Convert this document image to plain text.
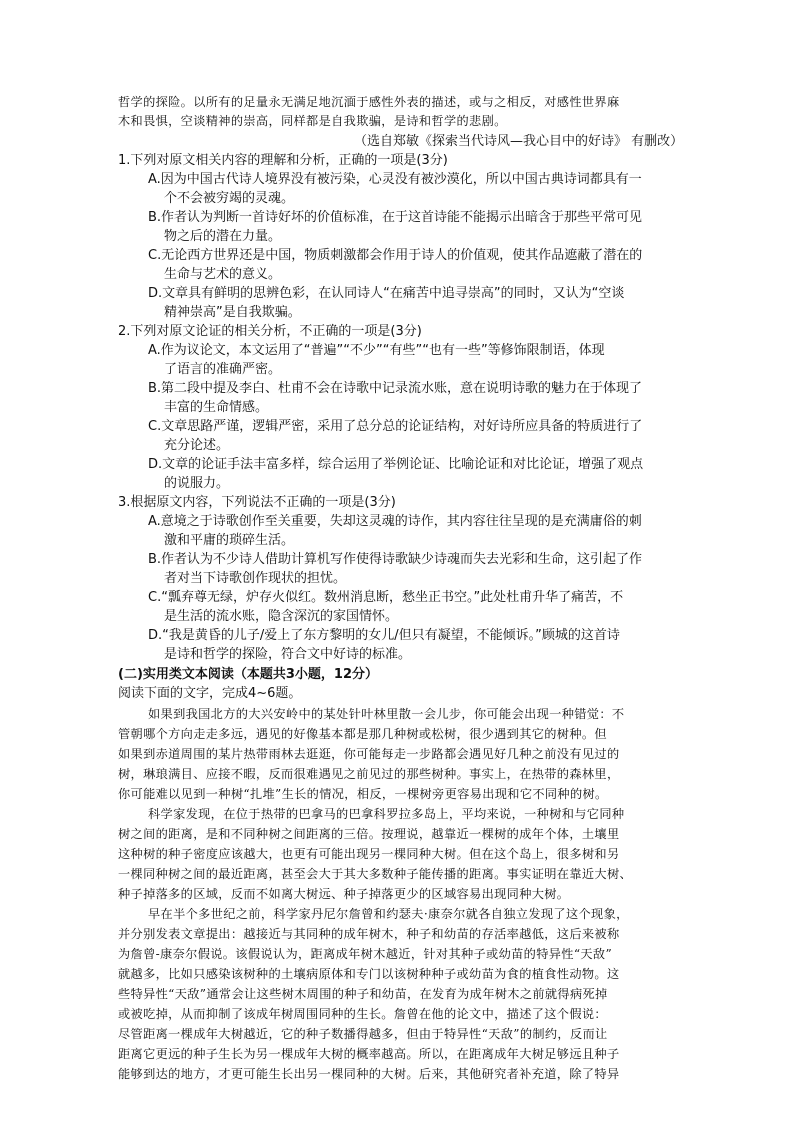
哲学的探险。以所有的足量永无满足地沉湎于感性外表的描述，或与之相反，对感性世界麻
木和畏惧，空谈精神的崇高，同样都是自我欺骗，是诗和哲学的悲剧。
（选自郑敏《探索当代诗风—我心目中的好诗》 有删改）
1.下列对原文相关内容的理解和分析，正确的一项是(3分)
A.因为中国古代诗人境界没有被污染，心灵没有被沙漠化，所以中国古典诗词都具有一
个不会被穷竭的灵魂。
B.作者认为判断一首诗好坏的价值标准，在于这首诗能不能揭示出暗含于那些平常可见
物之后的潜在力量。
C.无论西方世界还是中国，物质刺激都会作用于诗人的价值观，使其作品遮蔽了潜在的
生命与艺术的意义。
D.文章具有鲜明的思辨色彩，在认同诗人“在痛苦中追寻崇高”的同时，又认为“空谈
精神崇高”是自我欺骗。
2.下列对原文论证的相关分析，不正确的一项是(3分)
A.作为议论文，本文运用了“普遍”“不少”“有些”“也有一些”等修饰限制语，体现
了语言的准确严密。
B.第二段中提及李白、杜甫不会在诗歌中记录流水账，意在说明诗歌的魅力在于体现了
丰富的生命情感。
C.文章思路严谨，逻辑严密，采用了总分总的论证结构，对好诗所应具备的特质进行了
充分论述。
D.文章的论证手法丰富多样，综合运用了举例论证、比喻论证和对比论证，增强了观点
的说服力。
3.根据原文内容，下列说法不正确的一项是(3分)
A.意境之于诗歌创作至关重要，失却这灵魂的诗作，其内容往往呈现的是充满庸俗的刺
激和平庸的琐碎生活。
B.作者认为不少诗人借助计算机写作使得诗歌缺少诗魂而失去光彩和生命，这引起了作
者对当下诗歌创作现状的担忧。
C.“瓢弃尊无绿，炉存火似红。数州消息断，愁坐正书空。”此处杜甫升华了痛苦，不
是生活的流水账，隐含深沉的家国情怀。
D.“我是黄昏的儿子/爱上了东方黎明的女儿/但只有凝望，不能倾诉。”顾城的这首诗
是诗和哲学的探险，符合文中好诗的标准。
(二)实用类文本阅读（本题共3小题，12分）
阅读下面的文字，完成4~6题。
如果到我国北方的大兴安岭中的某处针叶林里散一会儿步，你可能会出现一种错觉：不
管朝哪个方向走走多远，遇见的好像基本都是那几种树或松树，很少遇到其它的树种。但
如果到赤道周围的某片热带雨林去逛逛，你可能每走一步路都会遇见好几种之前没有见过的
树，琳琅满目、应接不暇，反而很难遇见之前见过的那些树种。事实上，在热带的森林里，
你可能难以见到一种树“扎堆”生长的情况，相反，一棵树旁更容易出现和它不同种的树。
科学家发现，在位于热带的巴拿马的巴拿科罗拉多岛上，平均来说，一种树和与它同种
树之间的距离，是和不同种树之间距离的三倍。按理说，越靠近一棵树的成年个体，土壤里
这种树的种子密度应该越大，也更有可能出现另一棵同种大树。但在这个岛上，很多树和另
一棵同种树之间的最近距离，甚至会大于其大多数种子能传播的距离。事实证明在靠近大树、
种子掉落多的区域，反而不如离大树远、种子掉落更少的区域容易出现同种大树。
早在半个多世纪之前，科学家丹尼尔詹曾和约瑟夫·康奈尔就各自独立发现了这个现象，
并分别发表文章提出：越接近与其同种的成年树木，种子和幼苗的存活率越低，这后来被称
为詹曾-康奈尔假说。该假说认为，距离成年树木越近，针对其种子或幼苗的特异性“天敌”
就越多，比如只感染该树种的土壤病原体和专门以该树种种子或幼苗为食的植食性动物。这
些特异性“天敌”通常会让这些树木周围的种子和幼苗，在发育为成年树木之前就得病死掉
或被吃掉，从而抑制了该成年树周围同种的生长。詹曾在他的论文中，描述了这个假说：
尽管距离一棵成年大树越近，它的种子数播得越多，但由于特异性“天敌”的制约，反而让
距离它更远的种子生长为另一棵成年大树的概率越高。所以，在距离成年大树足够远且种子
能够到达的地方，才更可能生长出另一棵同种的大树。后来，其他研究者补充道，除了特异
